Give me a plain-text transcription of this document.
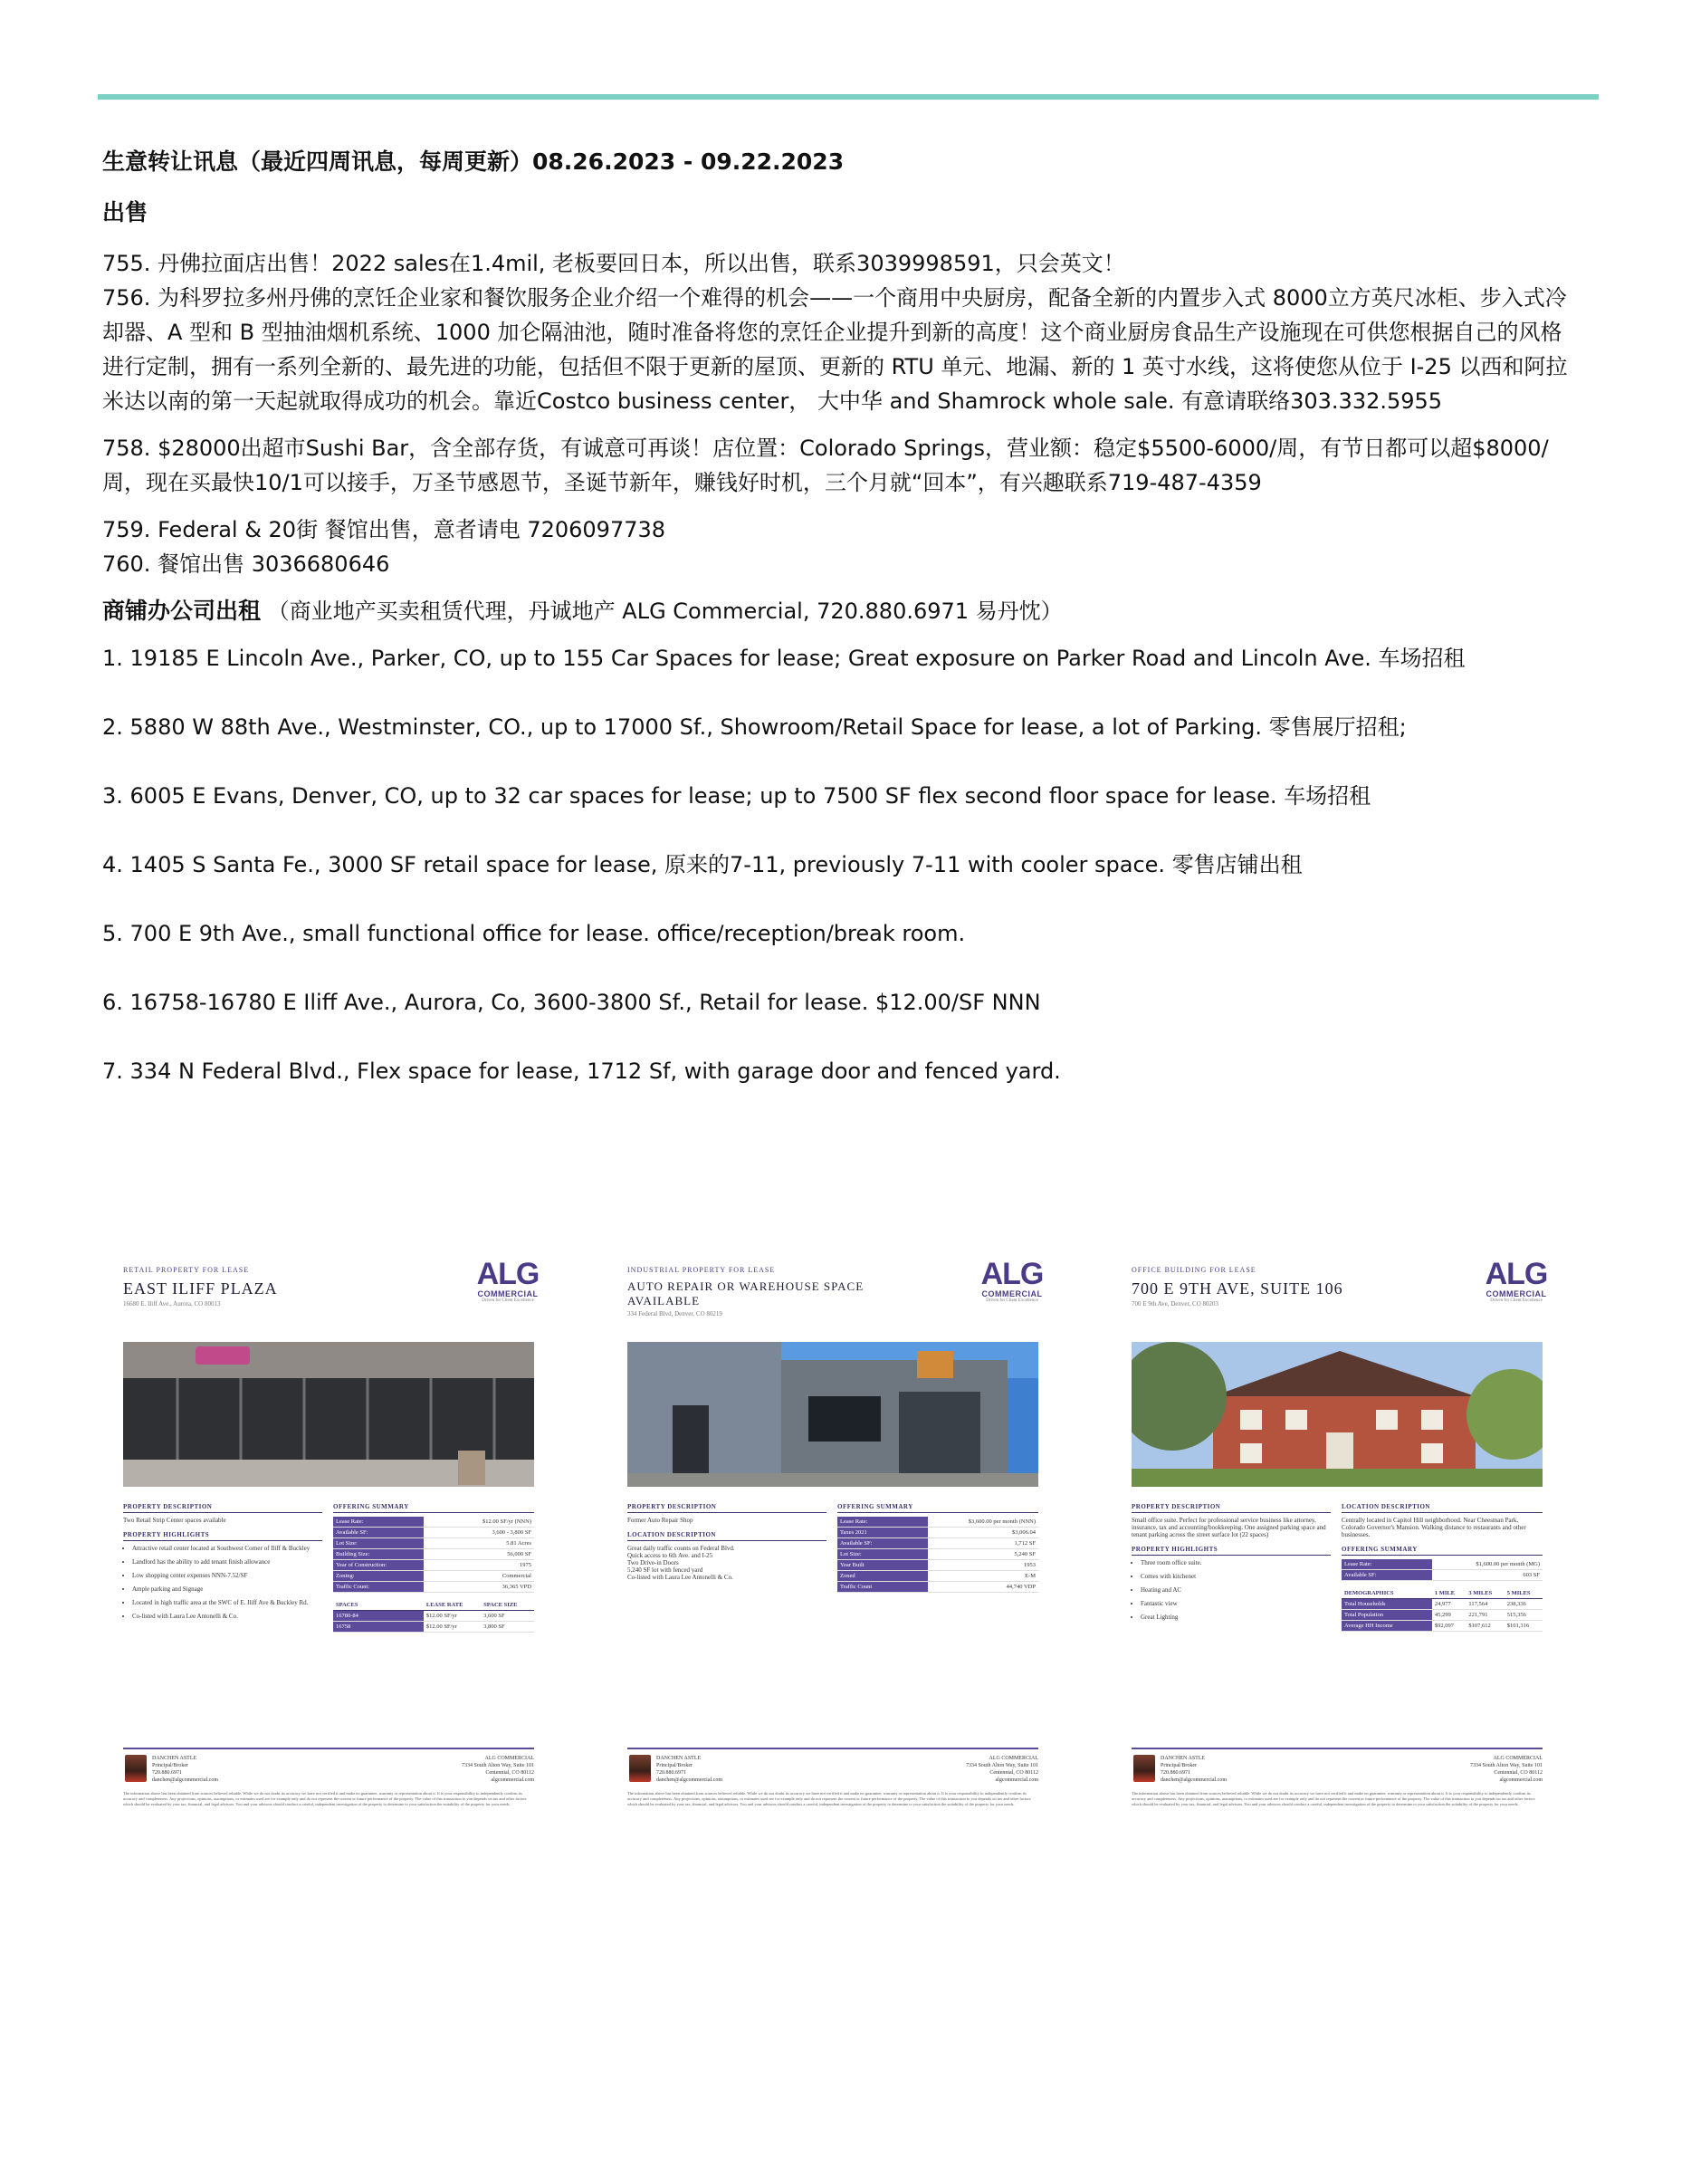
生意转让讯息（最近四周讯息，每周更新）08.26.2023 - 09.22.2023

出售

755. 丹佛拉面店出售！2022 sales在1.4mil, 老板要回日本，所以出售，联系3039998591，只会英文！

756. 为科罗拉多州丹佛的烹饪企业家和餐饮服务企业介绍一个难得的机会——一个商用中央厨房，配备全新的内置步入式 8000立方英尺冰柜、步入式冷却器、A 型和 B 型抽油烟机系统、1000 加仑隔油池，随时准备将您的烹饪企业提升到新的高度！这个商业厨房食品生产设施现在可供您根据自己的风格进行定制，拥有一系列全新的、最先进的功能，包括但不限于更新的屋顶、更新的 RTU 单元、地漏、新的 1 英寸水线，这将使您从位于 I-25 以西和阿拉米达以南的第一天起就取得成功的机会。靠近Costco business center， 大中华 and Shamrock whole sale. 有意请联络303.332.5955

758. $28000出超市Sushi Bar，含全部存货，有诚意可再谈！店位置：Colorado Springs，营业额：稳定$5500-6000/周，有节日都可以超$8000/周，现在买最快10/1可以接手，万圣节感恩节，圣诞节新年，赚钱好时机，三个月就“回本”，有兴趣联系719-487-4359

759. Federal & 20街 餐馆出售，意者请电 7206097738

760. 餐馆出售 3036680646

商铺办公司出租 （商业地产买卖租赁代理，丹诚地产 ALG Commercial, 720.880.6971 易丹忱）

1. 19185 E Lincoln Ave., Parker, CO, up to 155 Car Spaces for lease; Great exposure on Parker Road and Lincoln Ave. 车场招租

2. 5880 W 88th Ave., Westminster, CO., up to 17000 Sf., Showroom/Retail Space for lease, a lot of Parking. 零售展厅招租;

3. 6005 E Evans, Denver, CO, up to 32 car spaces for lease; up to 7500 SF flex second floor space for lease. 车场招租

4. 1405 S Santa Fe., 3000 SF retail space for lease, 原来的7-11, previously 7-11 with cooler space. 零售店铺出租

5. 700 E 9th Ave., small functional office for lease. office/reception/break room.

6. 16758-16780 E Iliff Ave., Aurora, Co, 3600-3800 Sf., Retail for lease. $12.00/SF NNN

7. 334 N Federal Blvd., Flex space for lease, 1712 Sf, with garage door and fenced yard.

RETAIL PROPERTY FOR LEASE
EAST ILIFF PLAZA
16680 E. Iliff Ave., Aurora, CO 80013
ALG
COMMERCIAL
Driven for Client Excellence
PROPERTY DESCRIPTION
Two Retail Strip Center spaces available
PROPERTY HIGHLIGHTS
• Attractive retail center located at Southwest Corner of Iliff & Buckley
• Landlord has the ability to add tenant finish allowance
• Low shopping center expenses NNN-7.52/SF
• Ample parking and Signage
• Located in high traffic area at the SWC of E. Iliff Ave & Buckley Rd.
• Co-listed with Laura Lee Antonelli & Co.
OFFERING SUMMARY
Lease Rate:	$12.00 SF/yr (NNN)
Available SF:	3,600 - 3,800 SF
Lot Size:	5.81 Acres
Building Size:	56,000 SF
Year of Construction:	1975
Zoning:	Commercial
Traffic Count:	36,365 VPD
SPACES	LEASE RATE	SPACE SIZE
16780-84	$12.00 SF/yr	3,600 SF
16758	$12.00 SF/yr	3,800 SF
DANCHEN ASTLE
Principal/Broker
720.880.6971
danchen@algcommercial.com
ALG COMMERCIAL
7334 South Alton Way, Suite 101
Centennial, CO 80112
algcommercial.com
The information above has been obtained from sources believed reliable. While we do not doubt its accuracy we have not verified it and make no guarantee, warranty or representation about it. It is your responsibility to independently confirm its accuracy and completeness. Any projections, opinions, assumptions, or estimates used are for example only and do not represent the current or future performance of the property. The value of this transaction to you depends on tax and other factors which should be evaluated by your tax, financial, and legal advisors. You and your advisors should conduct a careful, independent investigation of the property to determine to your satisfaction the suitability of the property for your needs.
INDUSTRIAL PROPERTY FOR LEASE
AUTO REPAIR OR WAREHOUSE SPACE AVAILABLE
334 Federal Blvd, Denver, CO 80219
ALG
COMMERCIAL
Driven for Client Excellence
PROPERTY DESCRIPTION
Former Auto Repair Shop
LOCATION DESCRIPTION
Great daily traffic counts on Federal Blvd.
Quick access to 6th Ave. and I-25
Two Drive-in Doors
5,240 SF lot with fenced yard
Co-listed with Laura Lee Antonelli & Co.
OFFERING SUMMARY
Lease Rate:	$3,600.00 per month (NNN)
Taxes 2021	$3,006.04
Available SF:	1,712 SF
Lot Size:	5,240 SF
Year Built	1953
Zoned	E-M
Traffic Count	44,740 VDP
DANCHEN ASTLE
Principal/Broker
720.880.6971
danchen@algcommercial.com
ALG COMMERCIAL
7334 South Alton Way, Suite 101
Centennial, CO 80112
algcommercial.com
The information above has been obtained from sources believed reliable. While we do not doubt its accuracy we have not verified it and make no guarantee, warranty or representation about it. It is your responsibility to independently confirm its accuracy and completeness. Any projections, opinions, assumptions, or estimates used are for example only and do not represent the current or future performance of the property. The value of this transaction to you depends on tax and other factors which should be evaluated by your tax, financial, and legal advisors. You and your advisors should conduct a careful, independent investigation of the property to determine to your satisfaction the suitability of the property for your needs.
OFFICE BUILDING FOR LEASE
700 E 9TH AVE, SUITE 106
700 E 9th Ave, Denver, CO 80203
ALG
COMMERCIAL
Driven for Client Excellence
PROPERTY DESCRIPTION
Small office suite. Perfect for professional service business like attorney, insurance, tax and accounting/bookkeeping. One assigned parking space and tenant parking across the street surface lot (22 spaces)
PROPERTY HIGHLIGHTS
• Three room office suite.
• Comes with kitchenet
• Heating and AC
• Fantastic view
• Great Lighting
LOCATION DESCRIPTION
Centrally located in Capitol Hill neighborhood. Near Cheesman Park, Colorado Governor's Mansion. Walking distance to restaurants and other businesses.
OFFERING SUMMARY
Lease Rate:	$1,600.00 per month (MG)
Available SF:	603 SF
DEMOGRAPHICS	1 MILE	3 MILES	5 MILES
Total Households	24,977	117,564	238,336
Total Population	45,299	221,791	515,356
Average HH Income	$92,097	$107,612	$101,316
DANCHEN ASTLE
Principal/Broker
720.880.6971
danchen@algcommercial.com
ALG COMMERCIAL
7334 South Alton Way, Suite 101
Centennial, CO 80112
algcommercial.com
The information above has been obtained from sources believed reliable. While we do not doubt its accuracy we have not verified it and make no guarantee, warranty or representation about it. It is your responsibility to independently confirm its accuracy and completeness. Any projections, opinions, assumptions, or estimates used are for example only and do not represent the current or future performance of the property. The value of this transaction to you depends on tax and other factors which should be evaluated by your tax, financial, and legal advisors. You and your advisors should conduct a careful, independent investigation of the property to determine to your satisfaction the suitability of the property for your needs.
